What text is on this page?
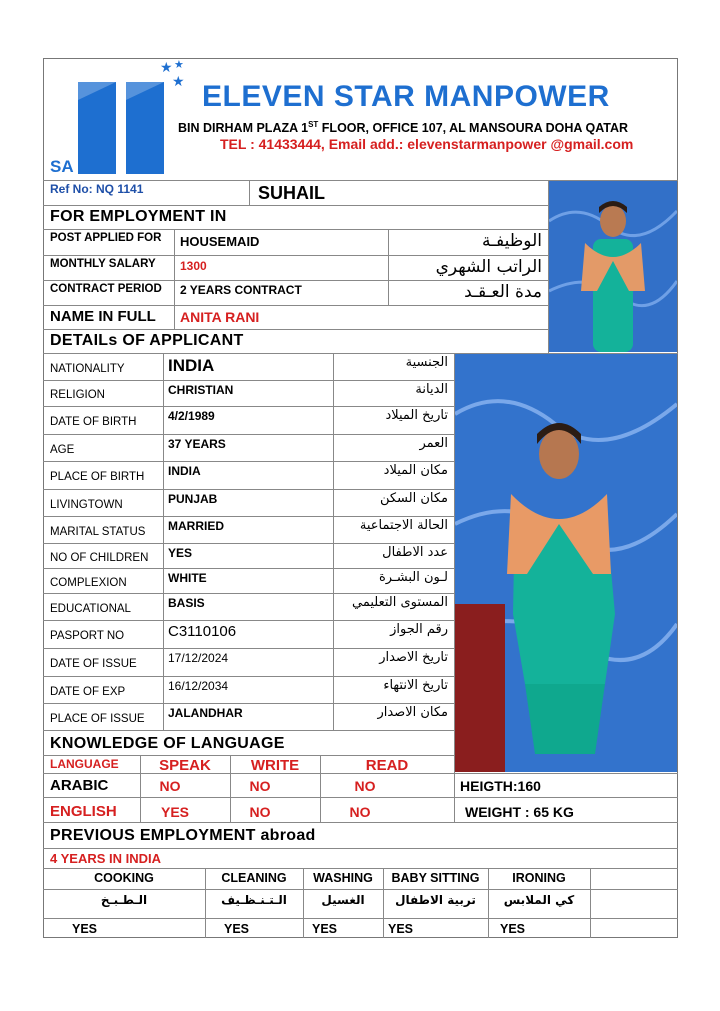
★ ★
★
SA
ELEVEN STAR MANPOWER
BIN DIRHAM PLAZA 1ST FLOOR, OFFICE 107, AL MANSOURA DOHA QATAR
TEL : 41433444, Email add.: elevenstarmanpower @gmail.com
Ref No: NQ 1141	SUHAIL
FOR EMPLOYMENT IN
POST APPLIED FOR HOUSEMAID	الوظيفـة
MONTHLY SALARY 1300	الراتب الشهري
CONTRACT PERIOD 2 YEARS CONTRACT	مدة العـقـد
NAME IN FULL ANITA RANI
DETAILs OF APPLICANT
NATIONALITY	INDIA	الجنسية
RELIGION	CHRISTIAN	الديانة
DATE OF BIRTH	4/2/1989	تاريخ الميلاد
AGE	37 YEARS	العمر
PLACE OF BIRTH INDIA	مكان الميلاد
LIVINGTOWN	PUNJAB	مكان السكن
MARITAL STATUS MARRIED	الحالة الاجتماعية
NO OF CHILDREN YES	عدد الاطفال
COMPLEXION	WHITE	لـون البشـرة
EDUCATIONAL	BASIS	المستوى التعليمي
PASPORT NO	C3110106	رقم الجواز
DATE OF ISSUE	17/12/2024	تاريخ الاصدار
DATE OF EXP	16/12/2034	تاريخ الانتهاء
PLACE OF ISSUE JALANDHAR	مكان الاصدار
KNOWLEDGE OF LANGUAGE
LANGUAGE	SPEAK	WRITE	READ
ARABIC	NO	NO	NO
ENGLISH	YES	NO	NO
HEIGTH:160
WEIGHT : 65 KG
PREVIOUS EMPLOYMENT abroad
4 YEARS IN INDIA
COOKING	CLEANING	WASHING	BABY SITTING	IRONING
الـطـبـخ	الـتـنـظـيف	الغسيل	تربية الاطفال	كي الملابس
YES	YES	YES	YES	YES
